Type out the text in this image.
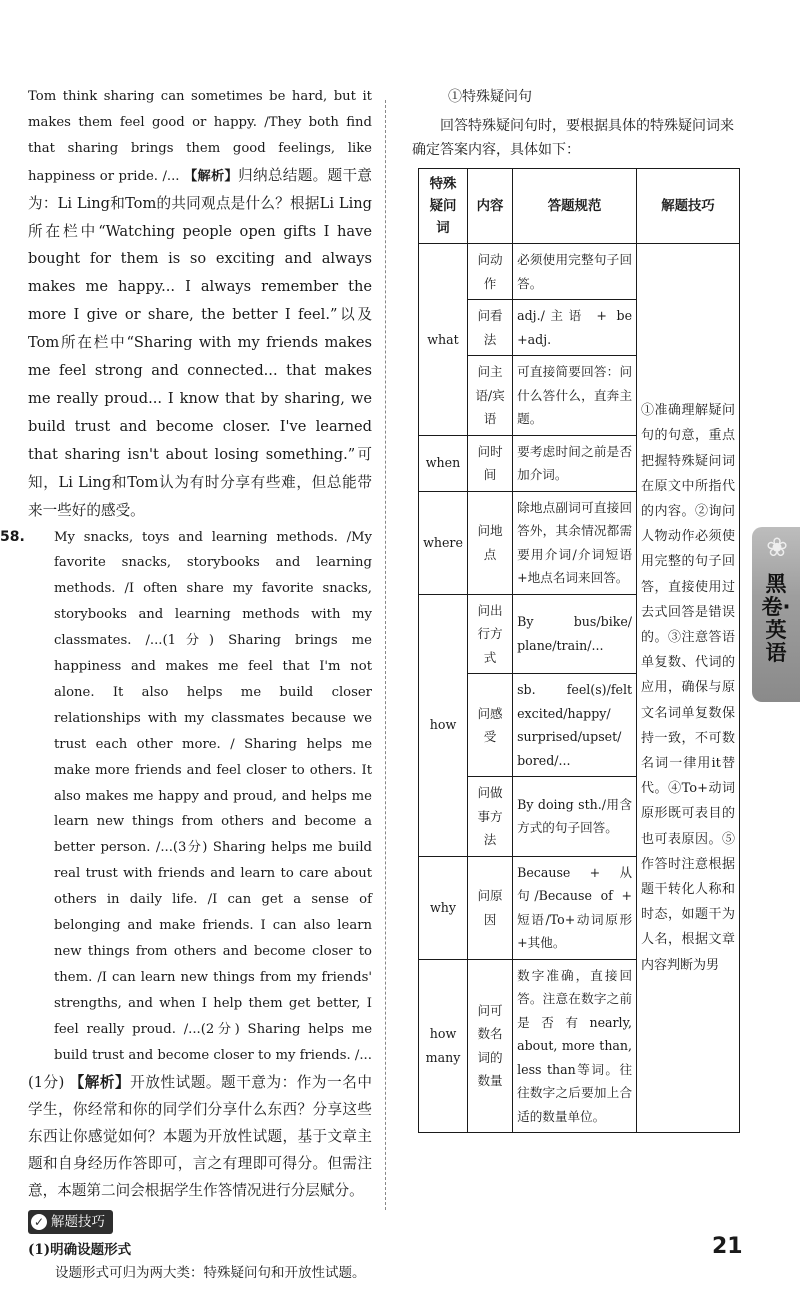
Tom think sharing can sometimes be hard, but it makes them feel good or happy. /They both find that sharing brings them good feelings, like happiness or pride. /... 【解析】归纳总结题。题干意为：Li Ling和Tom的共同观点是什么？根据Li Ling所在栏中“Watching people open gifts I have bought for them is so exciting and always makes me happy... I always remember the more I give or share, the better I feel.”以及Tom所在栏中“Sharing with my friends makes me feel strong and connected... that makes me really proud... I know that by sharing, we build trust and become closer. I've learned that sharing isn't about losing something.”可知，Li Ling和Tom认为有时分享有些难，但总能带来一些好的感受。

58. My snacks, toys and learning methods. /My favorite snacks, storybooks and learning methods. /I often share my favorite snacks, storybooks and learning methods with my classmates. /...(1分) Sharing brings me happiness and makes me feel that I'm not alone. It also helps me build closer relationships with my classmates because we trust each other more. / Sharing helps me make more friends and feel closer to others. It also makes me happy and proud, and helps me learn new things from others and become a better person. /...(3分) Sharing helps me build real trust with friends and learn to care about others in daily life. /I can get a sense of belonging and make friends. I can also learn new things from others and become closer to them. /I can learn new things from my friends' strengths, and when I help them get better, I feel really proud. /...(2分) Sharing helps me build trust and become closer to my friends. /...

(1分) 【解析】开放性试题。题干意为：作为一名中学生，你经常和你的同学们分享什么东西？分享这些东西让你感觉如何？本题为开放性试题，基于文章主题和自身经历作答即可，言之有理即可得分。但需注意，本题第二问会根据学生作答情况进行分层赋分。

✓ 解题技巧
(1)明确设题形式
设题形式可归为两大类：特殊疑问句和开放性试题。
①特殊疑问句
回答特殊疑问句时，要根据具体的特殊疑问词来确定答案内容，具体如下：
特殊疑问词	内容	答题规范	解题技巧
what	问动作	必须使用完整句子回答。	①准确理解疑问句的句意，重点把握特殊疑问词在原文中所指代的内容。②询问人物动作必须使用完整的句子回答，直接使用过去式回答是错误的。③注意答语单复数、代词的应用，确保与原文名词单复数保持一致，不可数名词一律用it替代。④To+动词原形既可表目的也可表原因。⑤作答时注意根据题干转化人称和时态，如题干为人名，根据文章内容判断为男
	问看法	adj./主语 + be +adj.	
	问主语/宾语	可直接简要回答：问什么答什么，直奔主题。	
when	问时间	要考虑时间之前是否加介词。	
where	问地点	除地点副词可直接回答外，其余情况都需要用介词/介词短语+地点名词来回答。	
how	问出行方式	By bus/bike/ plane/train/...	
	问感受	sb. feel(s)/felt excited/happy/ surprised/upset/ bored/...	
	问做事方法	By doing sth./用含方式的句子回答。	
why	问原因	Because + 从句/Because of + 短语/To+动词原形+其他。	
how many	问可数名词的数量	数字准确，直接回答。注意在数字之前是否有nearly, about, more than, less than等词。往往数字之后要加上合适的数量单位。	
❀
黑卷·英语
21
